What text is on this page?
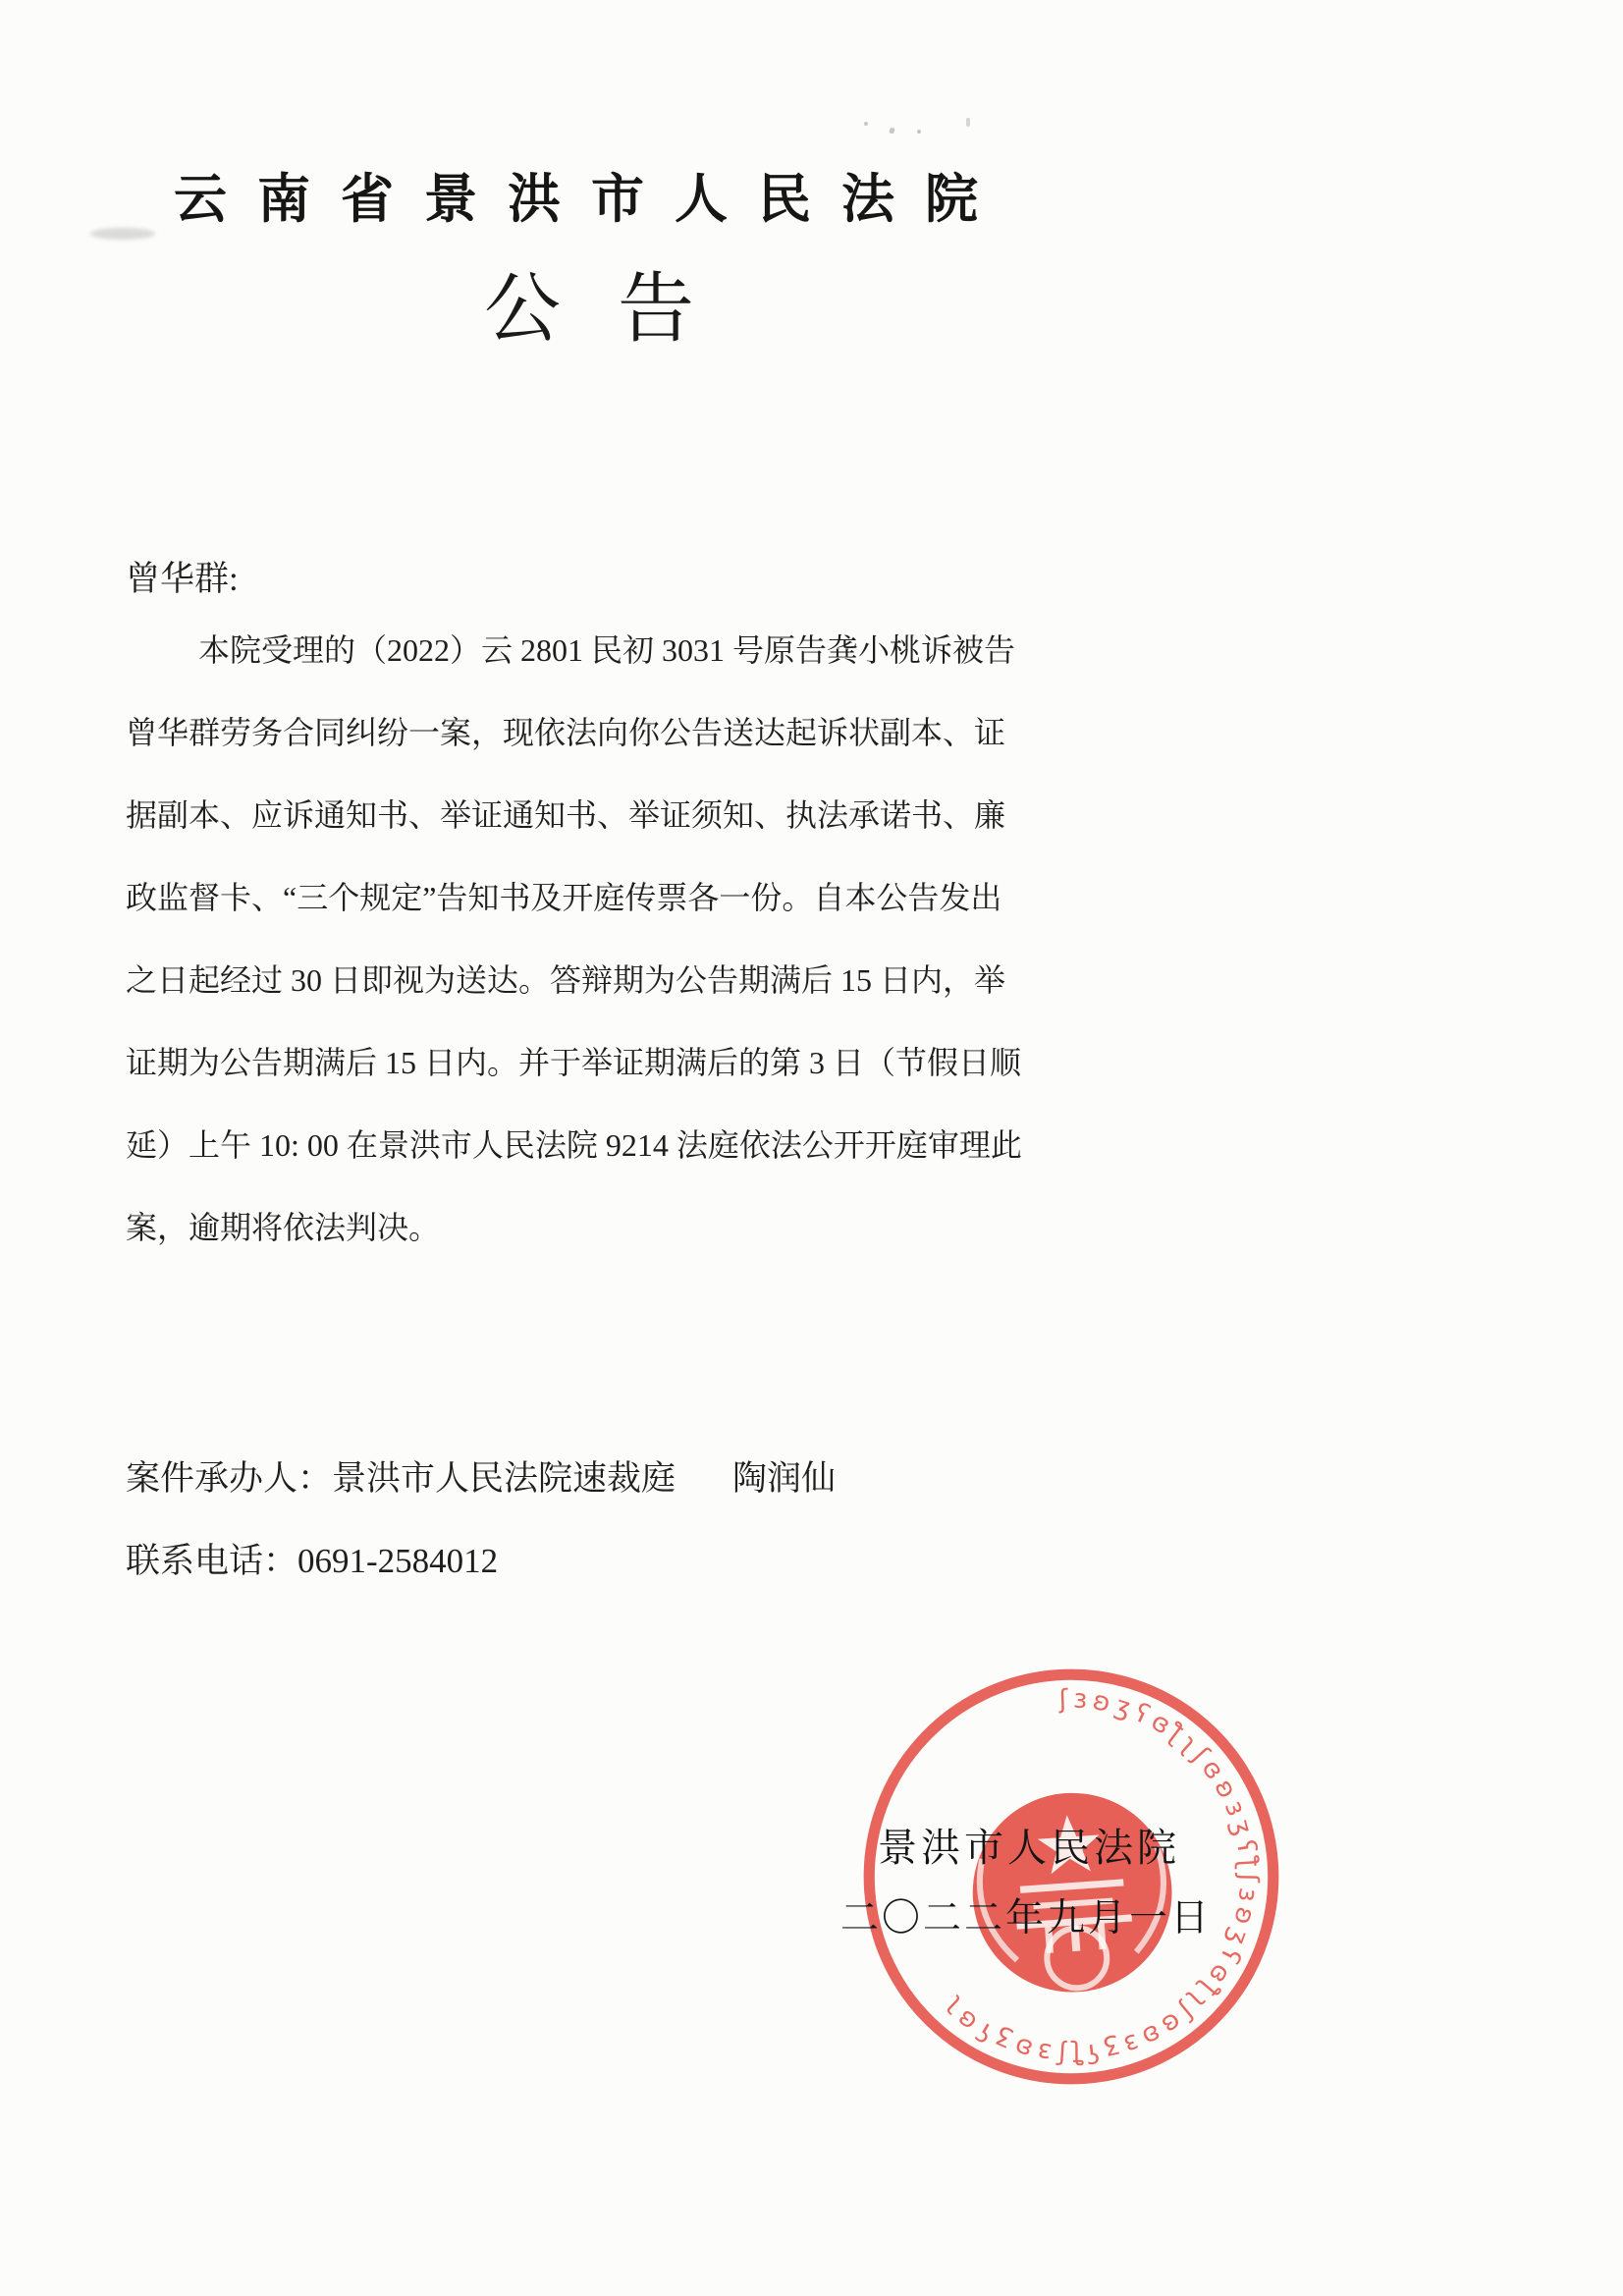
云南省景洪市人民法院
公告
曾华群:
本院受理的（2022）云 2801 民初 3031 号原告龚小桃诉被告
曾华群劳务合同纠纷一案，现依法向你公告送达起诉状副本、证
据副本、应诉通知书、举证通知书、举证须知、执法承诺书、廉
政监督卡、“三个规定”告知书及开庭传票各一份。自本公告发出
之日起经过 30 日即视为送达。答辩期为公告期满后 15 日内，举
证期为公告期满后 15 日内。并于举证期满后的第 3 日（节假日顺
延）上午 10: 00 在景洪市人民法院 9214 法庭依法公开开庭审理此
案，逾期将依法判决。
案件承办人：景洪市人民法院速裁庭 陶润仙
联系电话：0691-2584012
ʃɜʚʒʕɞƪʅʃɞʚɜʒʕƪʃɜʚʒʕɞƪʅʃɞʚɜʒʕƪʃɜʚʒʕɞʅ
景洪市人民法院
二〇二二年九月一日
